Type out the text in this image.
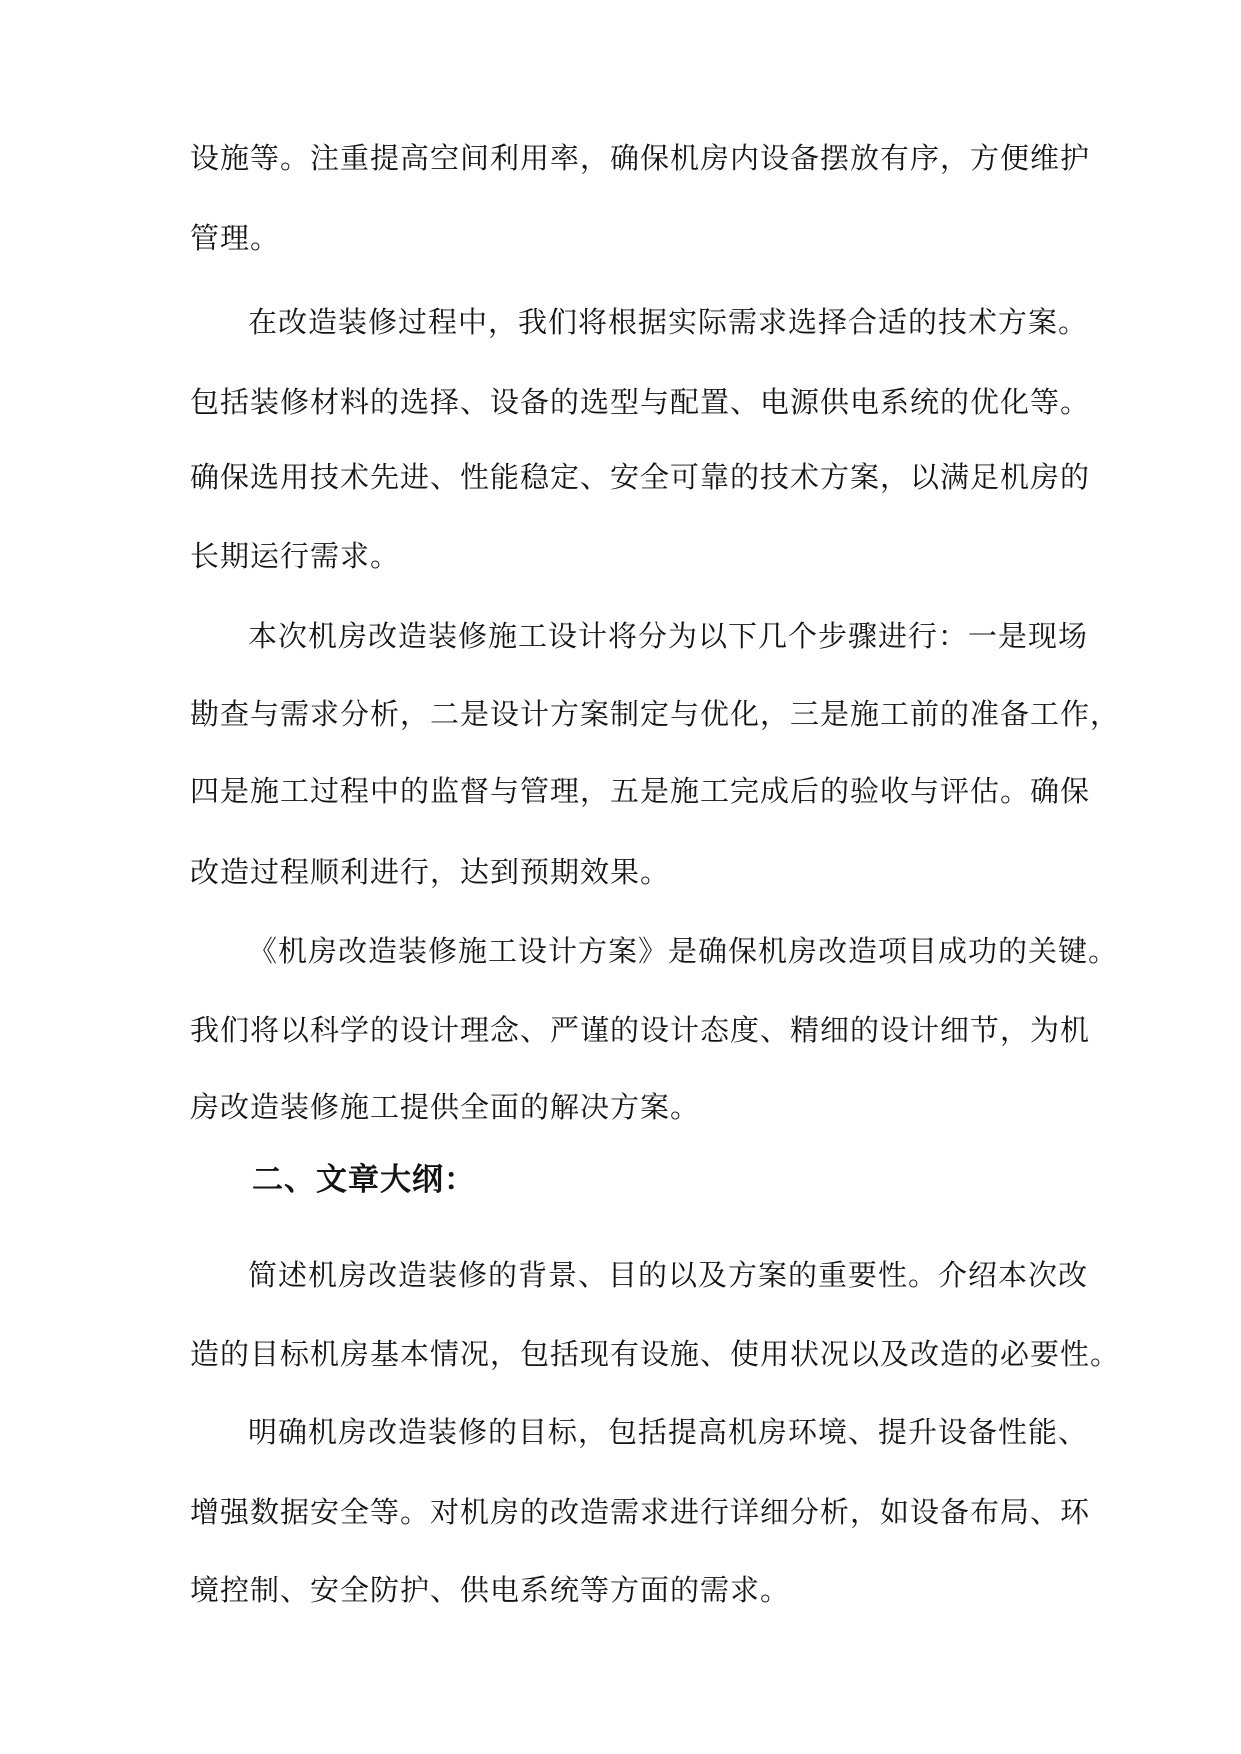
设施等。注重提高空间利用率，确保机房内设备摆放有序，方便维护
管理。
在改造装修过程中，我们将根据实际需求选择合适的技术方案。
包括装修材料的选择、设备的选型与配置、电源供电系统的优化等。
确保选用技术先进、性能稳定、安全可靠的技术方案，以满足机房的
长期运行需求。
本次机房改造装修施工设计将分为以下几个步骤进行：一是现场
勘查与需求分析，二是设计方案制定与优化，三是施工前的准备工作，
四是施工过程中的监督与管理，五是施工完成后的验收与评估。确保
改造过程顺利进行，达到预期效果。
《机房改造装修施工设计方案》是确保机房改造项目成功的关键。
我们将以科学的设计理念、严谨的设计态度、精细的设计细节，为机
房改造装修施工提供全面的解决方案。
二、文章大纲：
简述机房改造装修的背景、目的以及方案的重要性。介绍本次改
造的目标机房基本情况，包括现有设施、使用状况以及改造的必要性。
明确机房改造装修的目标，包括提高机房环境、提升设备性能、
增强数据安全等。对机房的改造需求进行详细分析，如设备布局、环
境控制、安全防护、供电系统等方面的需求。
